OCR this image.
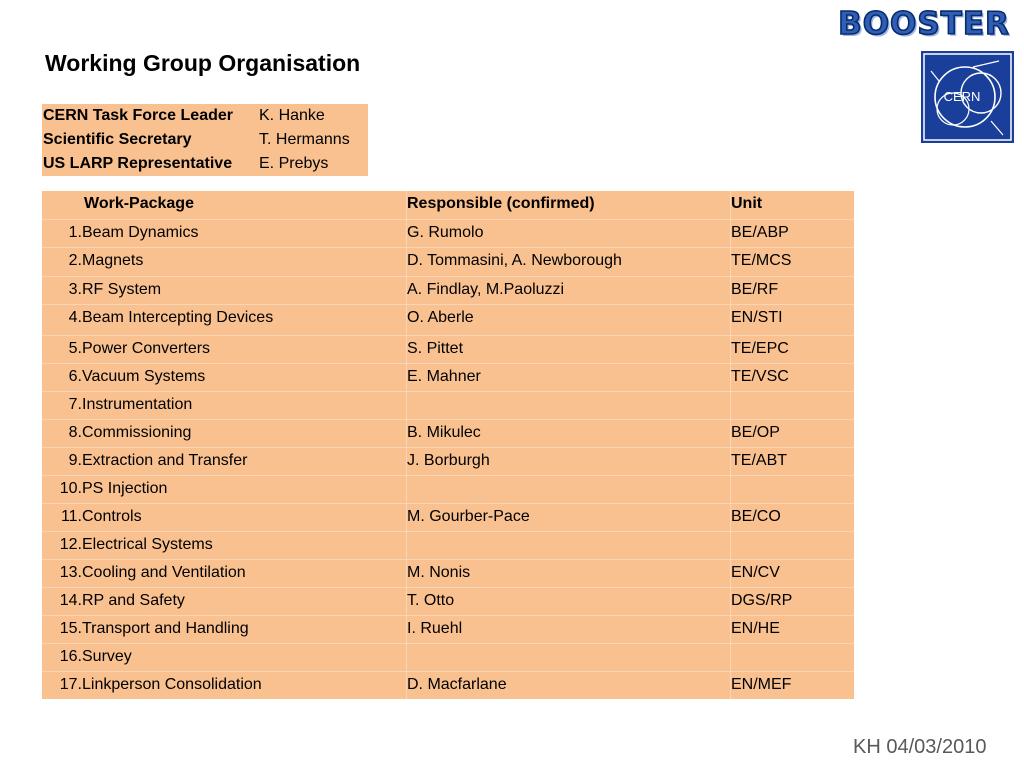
BOOSTER
CERN
Working Group Organisation
CERN Task Force Leader K. Hanke
Scientific Secretary	T. Hermanns
US LARP Representative E. Prebys
Work-Package	Responsible (confirmed)	Unit
1.Beam Dynamics	G. Rumolo	BE/ABP
2.Magnets	D. Tommasini, A. Newborough	TE/MCS
3.RF System	A. Findlay, M.Paoluzzi	BE/RF
4.Beam Intercepting Devices	O. Aberle	EN/STI
5.Power Converters	S. Pittet	TE/EPC
6.Vacuum Systems	E. Mahner	TE/VSC
7.Instrumentation
8.Commissioning	B. Mikulec	BE/OP
9.Extraction and Transfer	J. Borburgh	TE/ABT
10.PS Injection
11.Controls	M. Gourber-Pace	BE/CO
12.Electrical Systems
13.Cooling and Ventilation	M. Nonis	EN/CV
14.RP and Safety	T. Otto	DGS/RP
15.Transport and Handling	I. Ruehl	EN/HE
16.Survey
17.Linkperson Consolidation	D. Macfarlane	EN/MEF
KH 04/03/2010
